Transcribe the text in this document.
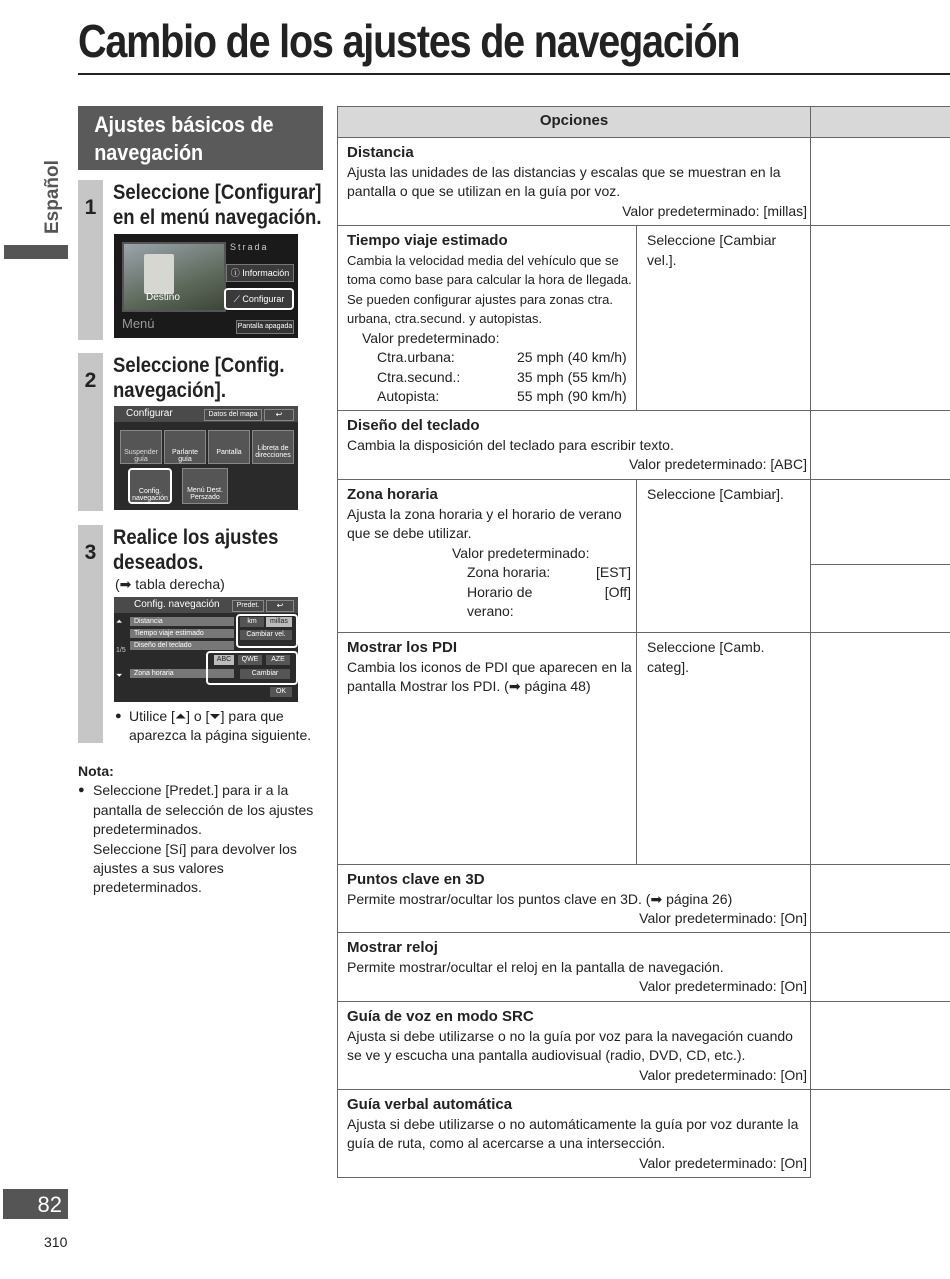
Cambio de los ajustes de navegación
Español
Ajustes básicos de navegación
1
Seleccione [Configurar] en el menú navegación.
Destino
Strada
ⓘ Información
⟋ Configurar
Menú	Pantalla apagada
2
Seleccione [Config. navegación].
Configurar	Datos del mapa	↩
Suspender guía
Parlante guía
Pantalla
Libreta de direcciones
Config. navegación
Menú Dest. Perszado
3
Realice los ajustes deseados.
(➡ tabla derecha)
Config. navegación	Predet.	↩
⏶
1/5
⏷
Distancia
Tiempo viaje estimado
Diseño del teclado
Zona horaria
km	millas
Cambiar vel.
ABC	QWE	AZE
Cambiar
OK
● Utilice [⏶] o [⏷] para que aparezca la página siguiente.
Nota:
● Seleccione [Predet.] para ir a la pantalla de selección de los ajustes predeterminados.
Seleccione [Sí] para devolver los ajustes a sus valores predeterminados.
Opciones
Distancia
Ajusta las unidades de las distancias y escalas que se muestran en la pantalla o que se utilizan en la guía por voz.
Valor predeterminado: [millas]
Tiempo viaje estimado
Cambia la velocidad media del vehículo que se toma como base para calcular la hora de llegada. Se pueden configurar ajustes para zonas ctra. urbana, ctra.secund. y autopistas.
Valor predeterminado:
Ctra.urbana:	25 mph (40 km/h)
Ctra.secund.:	35 mph (55 km/h)
Autopista:	55 mph (90 km/h)
Seleccione [Cambiar vel.].
Diseño del teclado
Cambia la disposición del teclado para escribir texto.
Valor predeterminado: [ABC]
Zona horaria
Ajusta la zona horaria y el horario de verano que se debe utilizar.
Valor predeterminado:
Zona horaria:	[EST]
Horario de verano:
[Off]
Seleccione [Cambiar].
Mostrar los PDI
Cambia los iconos de PDI que aparecen en la pantalla Mostrar los PDI. (➡ página 48)
Seleccione [Camb. categ].
Puntos clave en 3D
Permite mostrar/ocultar los puntos clave en 3D. (➡ página 26)
Valor predeterminado: [On]
Mostrar reloj
Permite mostrar/ocultar el reloj en la pantalla de navegación.
Valor predeterminado: [On]
Guía de voz en modo SRC
Ajusta si debe utilizarse o no la guía por voz para la navegación cuando se ve y escucha una pantalla audiovisual (radio, DVD, CD, etc.).
Valor predeterminado: [On]
Guía verbal automática
Ajusta si debe utilizarse o no automáticamente la guía por voz durante la guía de ruta, como al acercarse a una intersección.
Valor predeterminado: [On]
82
310
